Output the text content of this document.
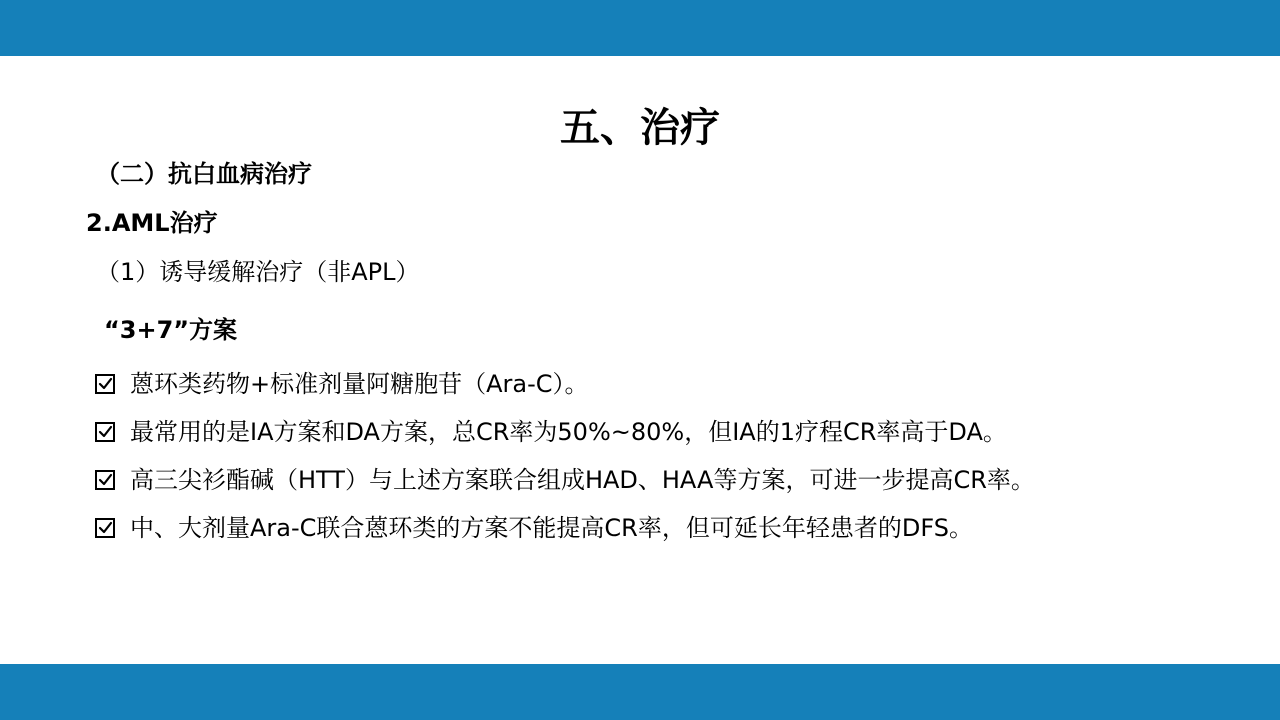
五、治疗

（二）抗白血病治疗

2.AML治疗

（1）诱导缓解治疗（非APL）

“3+7”方案

蒽环类药物+标准剂量阿糖胞苷（Ara-C）。
最常用的是IA方案和DA方案，总CR率为50%~80%，但IA的1疗程CR率高于DA。
高三尖衫酯碱（HTT）与上述方案联合组成HAD、HAA等方案，可进一步提高CR率。
中、大剂量Ara-C联合蒽环类的方案不能提高CR率，但可延长年轻患者的DFS。
